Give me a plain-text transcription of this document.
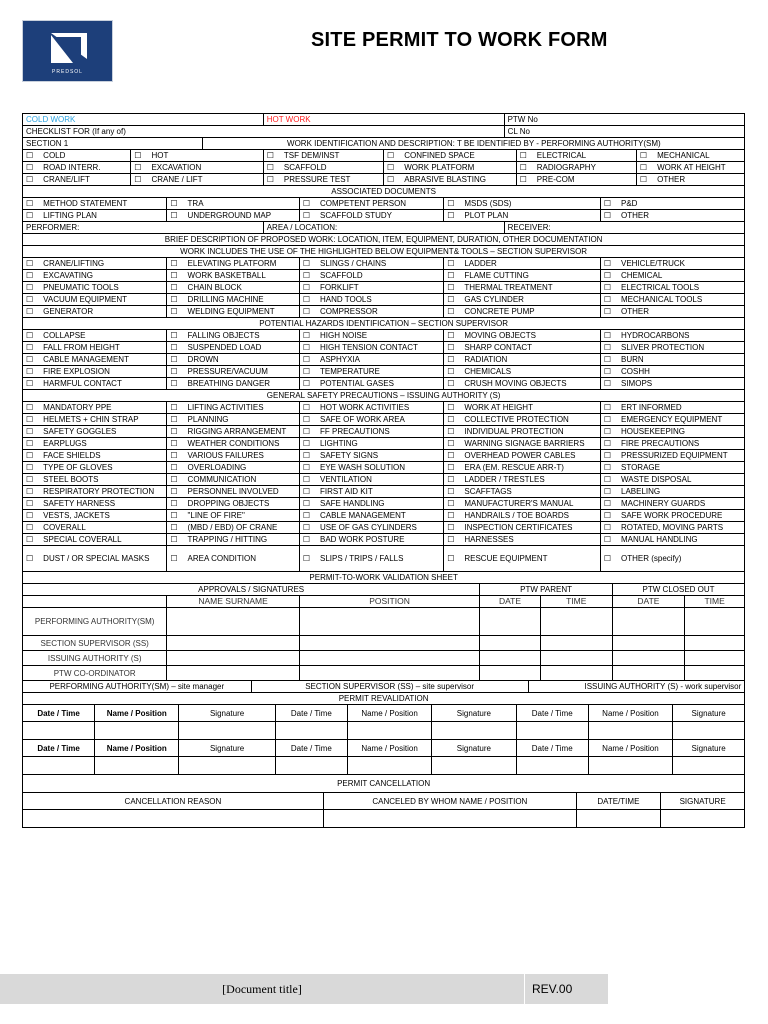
PREDSOL
SITE PERMIT TO WORK FORM
COLD WORK							HOT WORK									PTW No											
CHECKLIST FOR (If any of)																CL No											
SECTION 1					WORK IDENTIFICATION AND DESCRIPTION: T BE IDENTIFIED BY - PERFORMING AUTHORITY(SM)																						
☐ COLD		☐ HOT					☐ TSF DEM/INST					☐ CONFINED SPACE					☐ ELECTRICAL							☐ MECHANICAL
☐ ROAD INTERR.		☐ EXCAVATION					☐ SCAFFOLD					☐ WORK PLATFORM					☐ RADIOGRAPHY							☐ WORK AT HEIGHT
☐ CRANE/LIFT		☐ CRANE / LIFT					☐ PRESSURE TEST					☐ ABRASIVE BLASTING					☐ PRE-COM							☐ OTHER
ASSOCIATED DOCUMENTS																											
☐ METHOD STATEMENT			☐ TRA						☐ COMPETENT PERSON					☐ MSDS (SDS)								☐ P&D
☐ LIFTING PLAN			☐ UNDERGROUND MAP						☐ SCAFFOLD STUDY					☐ PLOT PLAN								☐ OTHER
PERFORMER:							AREA / LOCATION:									RECEIVER:											
BRIEF DESCRIPTION OF PROPOSED WORK: LOCATION, ITEM, EQUIPMENT, DURATION, OTHER DOCUMENTATION																											
WORK INCLUDES THE USE OF THE HIGHLIGHTED BELOW EQUIPMENT& TOOLS – SECTION SUPERVISOR																											
☐ CRANE/LIFTING			☐ ELEVATING PLATFORM						☐ SLINGS / CHAINS					☐ LADDER								☐ VEHICLE/TRUCK
☐ EXCAVATING			☐ WORK BASKETBALL						☐ SCAFFOLD					☐ FLAME CUTTING								☐ CHEMICAL
☐ PNEUMATIC TOOLS			☐ CHAIN BLOCK						☐ FORKLIFT					☐ THERMAL TREATMENT								☐ ELECTRICAL TOOLS
☐ VACUUM EQUIPMENT			☐ DRILLING MACHINE						☐ HAND TOOLS					☐ GAS CYLINDER								☐ MECHANICAL TOOLS
☐ GENERATOR			☐ WELDING EQUIPMENT						☐ COMPRESSOR					☐ CONCRETE PUMP								☐ OTHER
POTENTIAL HAZARDS IDENTIFICATION – SECTION SUPERVISOR																											
☐ COLLAPSE			☐ FALLING OBJECTS						☐ HIGH NOISE					☐ MOVING OBJECTS								☐ HYDROCARBONS
☐ FALL FROM HEIGHT			☐ SUSPENDED LOAD						☐ HIGH TENSION CONTACT					☐ SHARP CONTACT								☐ SLIVER PROTECTION
☐ CABLE MANAGEMENT			☐ DROWN						☐ ASPHYXIA					☐ RADIATION								☐ BURN
☐ FIRE EXPLOSION			☐ PRESSURE/VACUUM						☐ TEMPERATURE					☐ CHEMICALS								☐ COSHH
☐ HARMFUL CONTACT			☐ BREATHING DANGER						☐ POTENTIAL GASES					☐ CRUSH MOVING OBJECTS								☐ SIMOPS
GENERAL SAFETY PRECAUTIONS – ISSUING AUTHORITY (S)																											
☐ MANDATORY PPE			☐ LIFTING ACTIVITIES						☐ HOT WORK ACTIVITIES					☐ WORK AT HEIGHT								☐ ERT INFORMED
☐ HELMETS + CHIN STRAP			☐ PLANNING						☐ SAFE OF WORK AREA					☐ COLLECTIVE PROTECTION								☐ EMERGENCY EQUIPMENT
☐ SAFETY GOGGLES			☐ RIGGING ARRANGEMENT						☐ FF PRECAUTIONS					☐ INDIVIDUAL PROTECTION								☐ HOUSEKEEPING
☐ EARPLUGS			☐ WEATHER CONDITIONS						☐ LIGHTING					☐ WARNING SIGNAGE BARRIERS								☐ FIRE PRECAUTIONS
☐ FACE SHIELDS			☐ VARIOUS FAILURES						☐ SAFETY SIGNS					☐ OVERHEAD POWER CABLES								☐ PRESSURIZED EQUIPMENT
☐ TYPE OF GLOVES			☐ OVERLOADING						☐ EYE WASH SOLUTION					☐ ERA (EM. RESCUE ARR-T)								☐ STORAGE
☐ STEEL BOOTS			☐ COMMUNICATION						☐ VENTILATION					☐ LADDER / TRESTLES								☐ WASTE DISPOSAL
☐ RESPIRATORY PROTECTION			☐ PERSONNEL INVOLVED						☐ FIRST AID KIT					☐ SCAFFTAGS								☐ LABELING
☐ SAFETY HARNESS			☐ DROPPING OBJECTS						☐ SAFE HANDLING					☐ MANUFACTURER'S MANUAL								☐ MACHINERY GUARDS
☐ VESTS, JACKETS			☐ "LINE OF FIRE"						☐ CABLE MANAGEMENT					☐ HANDRAILS / TOE BOARDS								☐ SAFE WORK PROCEDURE
☐ COVERALL			☐ (MBD / EBD) OF CRANE						☐ USE OF GAS CYLINDERS					☐ INSPECTION CERTIFICATES								☐ ROTATED, MOVING PARTS
☐ SPECIAL COVERALL			☐ TRAPPING / HITTING						☐ BAD WORK POSTURE					☐ HARNESSES								☐ MANUAL HANDLING
☐ DUST / OR SPECIAL MASKS			☐ AREA CONDITION						☐ SLIPS / TRIPS / FALLS					☐ RESCUE EQUIPMENT								☐ OTHER (specify)
PERMIT-TO-WORK VALIDATION SHEET																											
APPROVALS / SIGNATURES															PTW PARENT								PTW CLOSED OUT				
			NAME SURNAME						POSITION						DATE				TIME				DATE				TIME
PERFORMING AUTHORITY(SM)																											
SECTION SUPERVISOR (SS)																											
ISSUING AUTHORITY (S)																											
PTW CO-ORDINATOR																											
PERFORMING AUTHORITY(SM) – site manager						SECTION SUPERVISOR (SS) – site supervisor												ISSUING AUTHORITY (S) - work supervisor									
PERMIT REVALIDATION																											
Date / Time	Name / Position			Signature				Date / Time			Name / Position		Signature				Date / Time				Name / Position					Signature	

Date / Time	Name / Position			Signature				Date / Time			Name / Position		Signature				Date / Time				Name / Position					Signature	

PERMIT CANCELLATION																											
CANCELLATION REASON										CANCELED BY WHOM NAME / POSITION										DATE/TIME					SIGNATURE		

[Document title]	REV.00
